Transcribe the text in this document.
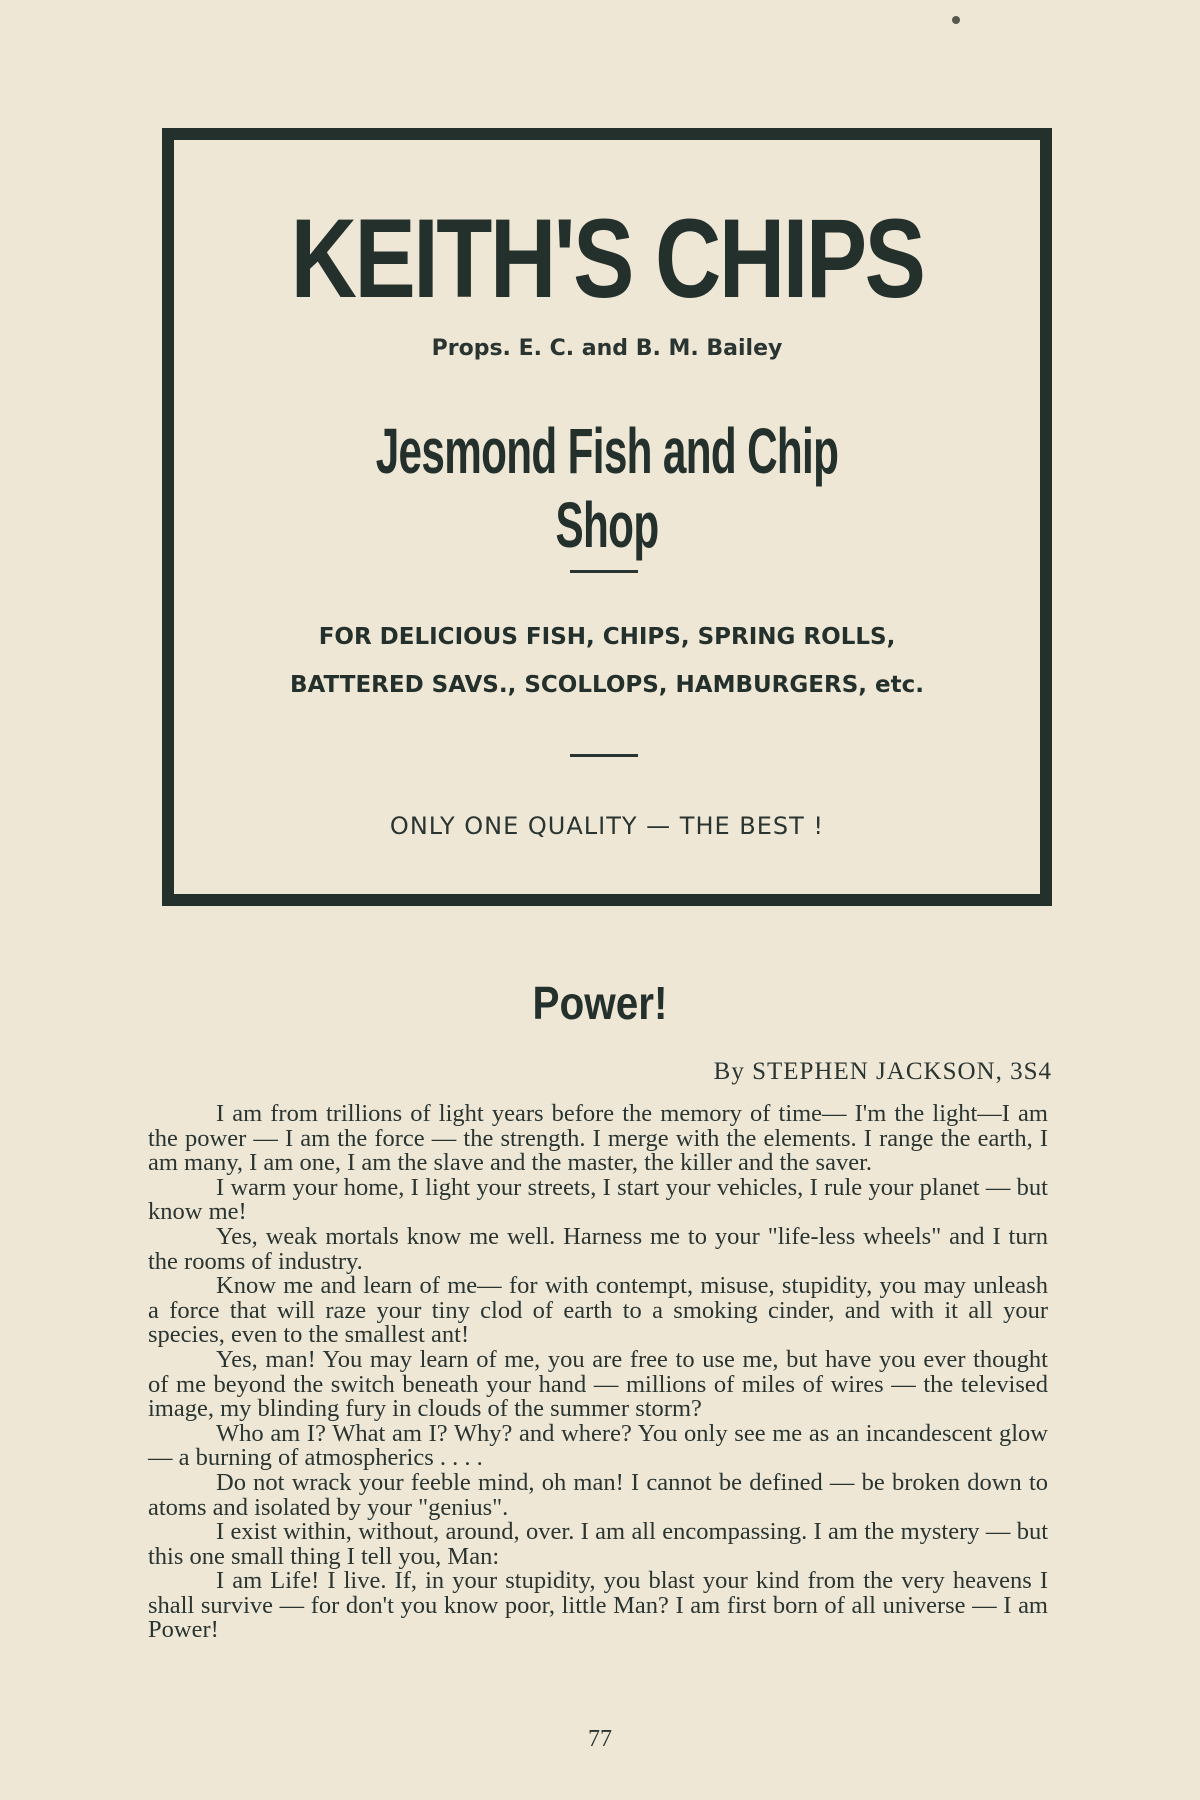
KEITH'S CHIPS
Props. E. C. and B. M. Bailey
Jesmond Fish and Chip Shop
FOR DELICIOUS FISH, CHIPS, SPRING ROLLS,
BATTERED SAVS., SCOLLOPS, HAMBURGERS, etc.
ONLY ONE QUALITY — THE BEST !
Power!
By STEPHEN JACKSON, 3S4

I am from trillions of light years before the memory of time— I'm the light—I am the power — I am the force — the strength. I merge with the elements. I range the earth, I am many, I am one, I am the slave and the master, the killer and the saver.

I warm your home, I light your streets, I start your vehicles, I rule your planet — but know me!

Yes, weak mortals know me well. Harness me to your "life-less wheels" and I turn the rooms of industry.

Know me and learn of me— for with contempt, misuse, stupidity, you may unleash a force that will raze your tiny clod of earth to a smoking cinder, and with it all your species, even to the smallest ant!

Yes, man! You may learn of me, you are free to use me, but have you ever thought of me beyond the switch beneath your hand — millions of miles of wires — the televised image, my blinding fury in clouds of the summer storm?

Who am I? What am I? Why? and where? You only see me as an incandescent glow — a burning of atmospherics . . . .

Do not wrack your feeble mind, oh man! I cannot be defined — be broken down to atoms and isolated by your "genius".

I exist within, without, around, over. I am all encompassing. I am the mystery — but this one small thing I tell you, Man:

I am Life! I live. If, in your stupidity, you blast your kind from the very heavens I shall survive — for don't you know poor, little Man? I am first born of all universe — I am Power!

77
